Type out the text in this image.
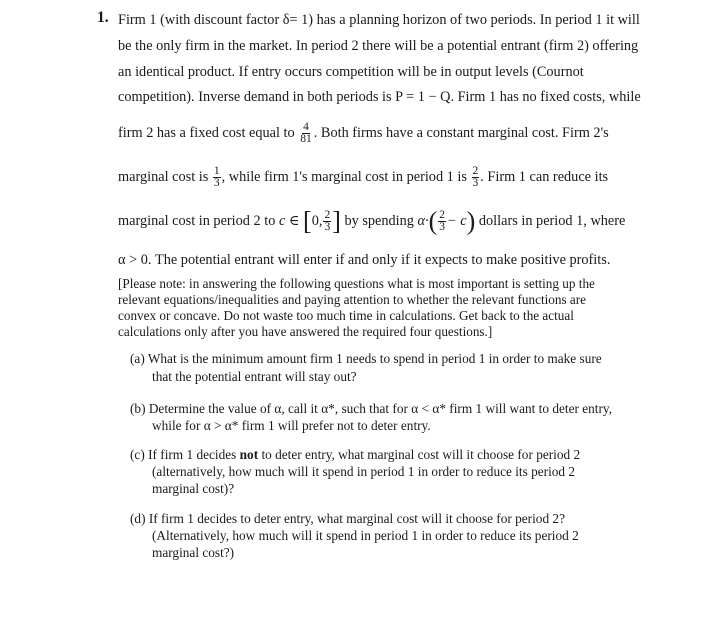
1. Firm 1 (with discount factor δ= 1) has a planning horizon of two periods. In period 1 it will
be the only firm in the market. In period 2 there will be a potential entrant (firm 2) offering
an identical product. If entry occurs competition will be in output levels (Cournot
competition). Inverse demand in both periods is P = 1 − Q. Firm 1 has no fixed costs, while
firm 2 has a fixed cost equal to $\frac{4}{81}$ . Both firms have a constant marginal cost. Firm 2's
marginal cost is $\frac{1}{3}$ , while firm 1's marginal cost in period 1 is $\frac{2}{3}$ . Firm 1 can reduce its
marginal cost in period 2 to c ∈ [0, $\frac{2}{3}$ ] by spending $\alpha\cdot( \frac{2}{3} - c)$ dollars in period 1, where
α > 0. The potential entrant will enter if and only if it expects to make positive profits.
[Please note: in answering the following questions what is most important is setting up the
relevant equations/inequalities and paying attention to whether the relevant functions are
convex or concave. Do not waste too much time in calculations. Get back to the actual
calculations only after you have answered the required four questions.]
(a) What is the minimum amount firm 1 needs to spend in period 1 in order to make sure
that the potential entrant will stay out?
(b) Determine the value of α, call it α*, such that for α < α* firm 1 will want to deter entry,
while for α > α* firm 1 will prefer not to deter entry.
(c) If firm 1 decides not to deter entry, what marginal cost will it choose for period 2
(alternatively, how much will it spend in period 1 in order to reduce its period 2
marginal cost)?
(d) If firm 1 decides to deter entry, what marginal cost will it choose for period 2?
(Alternatively, how much will it spend in period 1 in order to reduce its period 2
marginal cost?)
